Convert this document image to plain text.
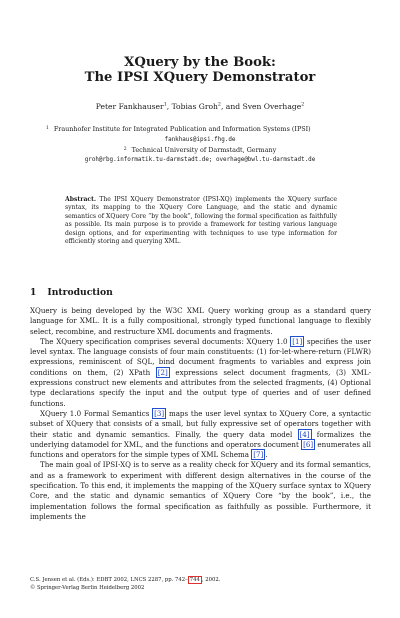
XQuery by the Book:
The IPSI XQuery Demonstrator
Peter Fankhauser$^1$, Tobias Groh$^2$, and Sven Overhage$^2$
$^1$ Fraunhofer Institute for Integrated Publication and Information Systems (IPSI)
fankhaus@ipsi.fhg.de
$^2$ Technical University of Darmstadt, Germany
groh@rbg.informatik.tu-darmstadt.de; overhage@bwl.tu-darmstadt.de
Abstract. The IPSI XQuery Demonstrator (IPSI-XQ) implements the XQuery surface syntax, its mapping to the XQuery Core Language, and the static and dynamic semantics of XQuery Core “by the book”, following the formal specification as faithfully as possible. Its main purpose is to provide a framework for testing various language design options, and for experimenting with techniques to use type information for efficiently storing and querying XML.
1 Introduction

XQuery is being developed by the W3C XML Query working group as a standard query language for XML. It is a fully compositional, strongly typed functional language to flexibly select, recombine, and restructure XML documents and fragments.

The XQuery specification comprises several documents: XQuery 1.0 [1] specifies the user level syntax. The language consists of four main constituents: (1) for-let-where-return (FLWR) expressions, reminiscent of SQL, bind document fragments to variables and express join conditions on them, (2) XPath [2] expressions select document fragments, (3) XML-expressions construct new elements and attributes from the selected fragments, (4) Optional type declarations specify the input and the output type of queries and of user defined functions.

XQuery 1.0 Formal Semantics [3] maps the user level syntax to XQuery Core, a syntactic subset of XQuery that consists of a small, but fully expressive set of operators together with their static and dynamic semantics. Finally, the query data model [4] formalizes the underlying datamodel for XML, and the functions and operators document [6] enumerates all functions and operators for the simple types of XML Schema [7] .

The main goal of IPSI-XQ is to serve as a reality check for XQuery and its formal semantics, and as a framework to experiment with different design alternatives in the course of the specification. To this end, it implements the mapping of the XQuery surface syntax to XQuery Core, and the static and dynamic semantics of XQuery Core “by the book”, i.e., the implementation follows the formal specification as faithfully as possible. Furthermore, it implements the

C.S. Jensen et al. (Eds.): EDBT 2002, LNCS 2287, pp. 742– 744 , 2002.
© Springer-Verlag Berlin Heidelberg 2002
